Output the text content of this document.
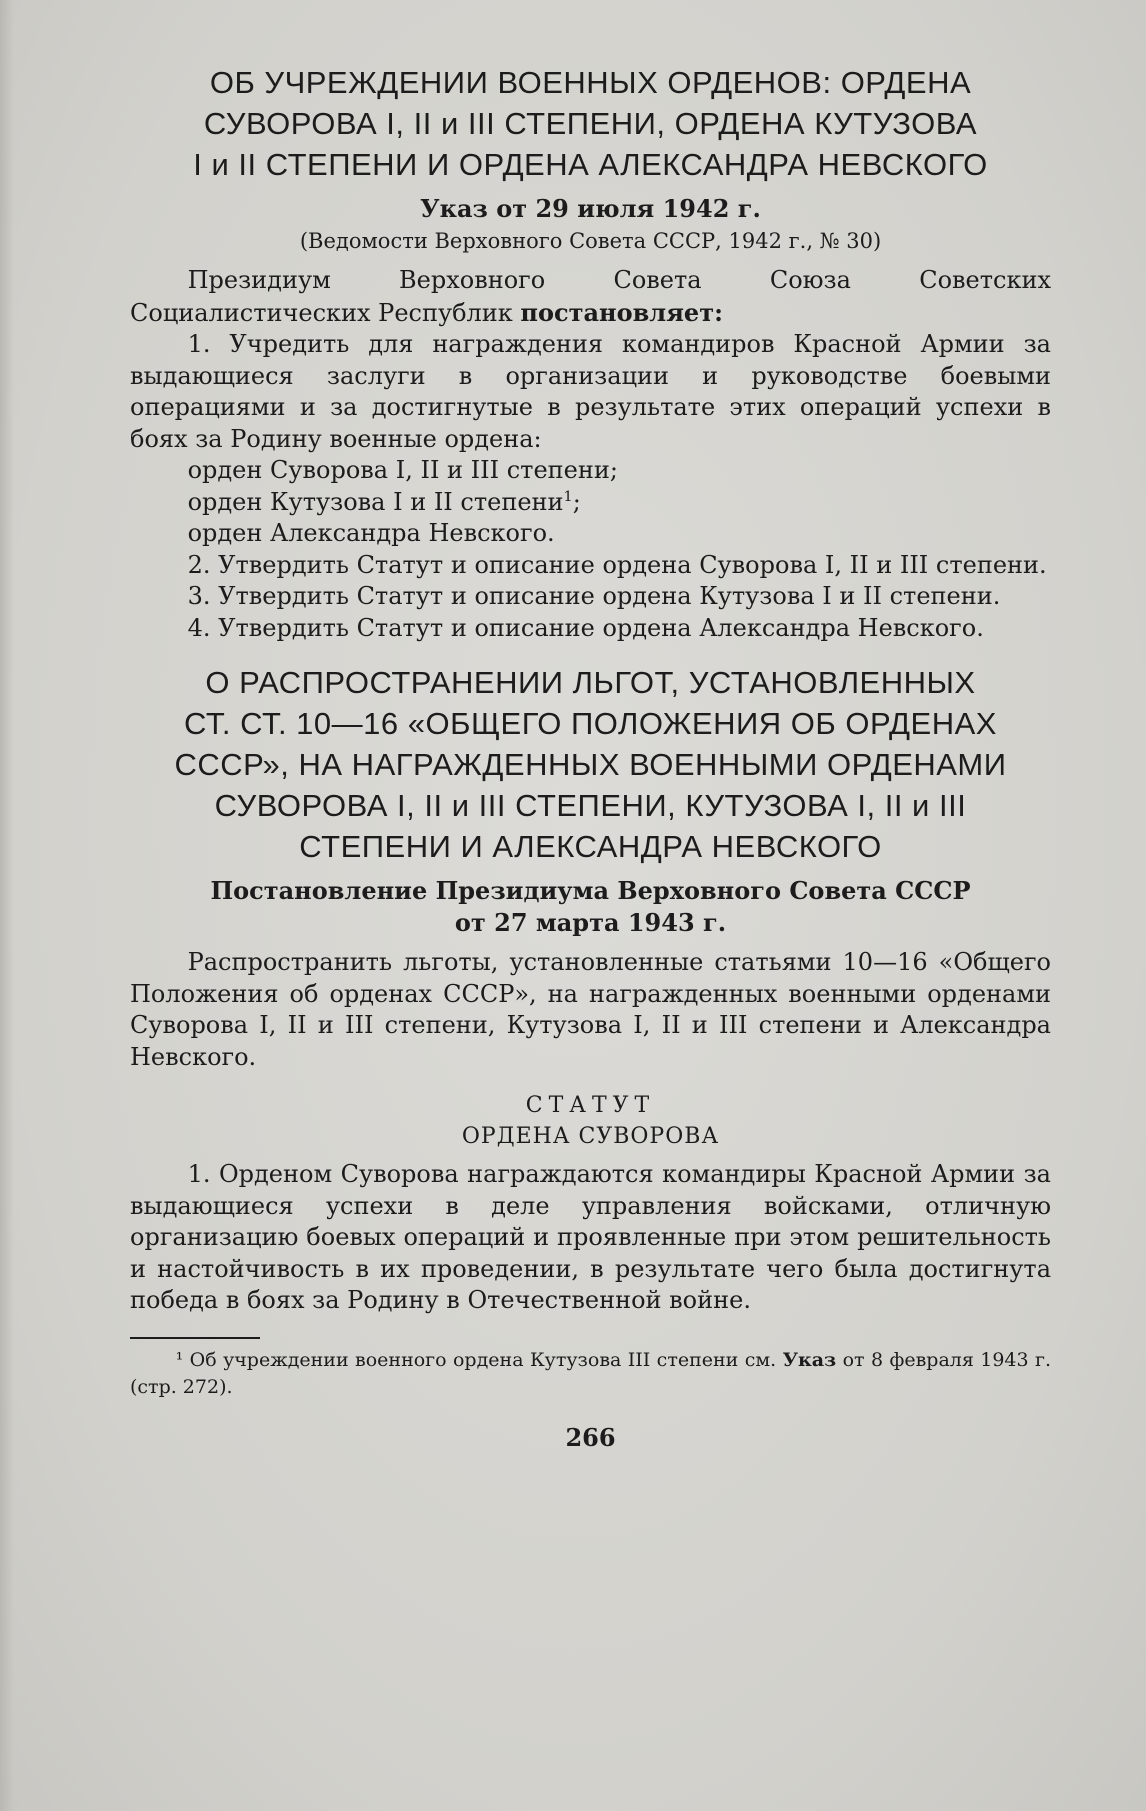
ОБ УЧРЕЖДЕНИИ ВОЕННЫХ ОРДЕНОВ: ОРДЕНА
СУВОРОВА I, II и III СТЕПЕНИ, ОРДЕНА КУТУЗОВА
I и II СТЕПЕНИ И ОРДЕНА АЛЕКСАНДРА НЕВСКОГО

Указ от 29 июля 1942 г.

(Ведомости Верховного Совета СССР, 1942 г., № 30)

Президиум Верховного Совета Союза Советских Социалистических Республик постановляет:

1. Учредить для награждения командиров Красной Армии за выдающиеся заслуги в организации и руководстве боевыми операциями и за достигнутые в результате этих операций успехи в боях за Родину военные ордена:

орден Суворова I, II и III степени;

орден Кутузова I и II степени$^1$;

орден Александра Невского.

2. Утвердить Статут и описание ордена Суворова I, II и III степени.

3. Утвердить Статут и описание ордена Кутузова I и II степени.

4. Утвердить Статут и описание ордена Александра Невского.

О РАСПРОСТРАНЕНИИ ЛЬГОТ, УСТАНОВЛЕННЫХ
СТ. СТ. 10—16 «ОБЩЕГО ПОЛОЖЕНИЯ ОБ ОРДЕНАХ
СССР», НА НАГРАЖДЕННЫХ ВОЕННЫМИ ОРДЕНАМИ
СУВОРОВА I, II и III СТЕПЕНИ, КУТУЗОВА I, II и III
СТЕПЕНИ И АЛЕКСАНДРА НЕВСКОГО

Постановление Президиума Верховного Совета СССР

от 27 марта 1943 г.

Распространить льготы, установленные статьями 10—16 «Общего Положения об орденах СССР», на награжденных военными орденами Суворова I, II и III степени, Кутузова I, II и III степени и Александра Невского.

СТАТУТ

ОРДЕНА СУВОРОВА

1. Орденом Суворова награждаются командиры Красной Армии за выдающиеся успехи в деле управления войсками, отличную организацию боевых операций и проявленные при этом решительность и настойчивость в их проведении, в результате чего была достигнута победа в боях за Родину в Отечественной войне.

¹ Об учреждении военного ордена Кутузова III степени см. Указ от 8 февраля 1943 г. (стр. 272).

266
